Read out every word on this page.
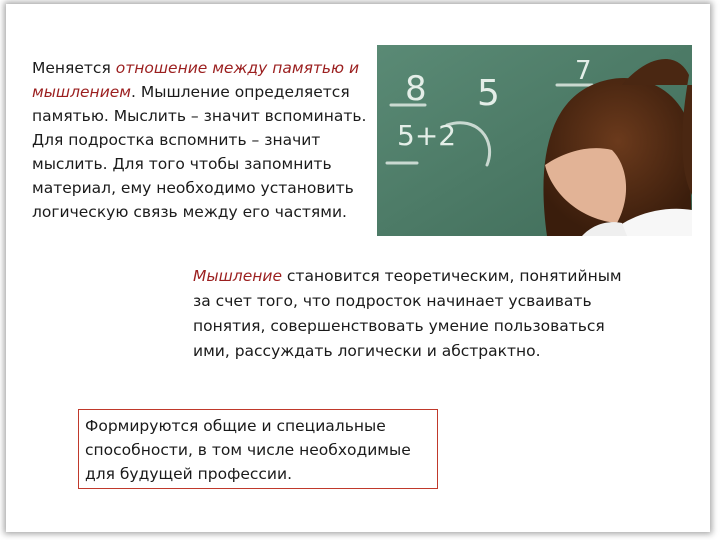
Меняется отношение между памятью и мышлением. Мышление определяется памятью. Мыслить – значит вспоминать. Для подростка вспомнить – значит мыслить. Для того чтобы запомнить материал, ему необходимо установить логическую связь между его частями.
8
5+2
5
7
Мышление становится теоретическим, понятийным за счет того, что подросток начинает усваивать понятия, совершенствовать умение пользоваться ими, рассуждать логически и абстрактно.
Формируются общие и специальные способности, в том числе необходимые для будущей профессии.
